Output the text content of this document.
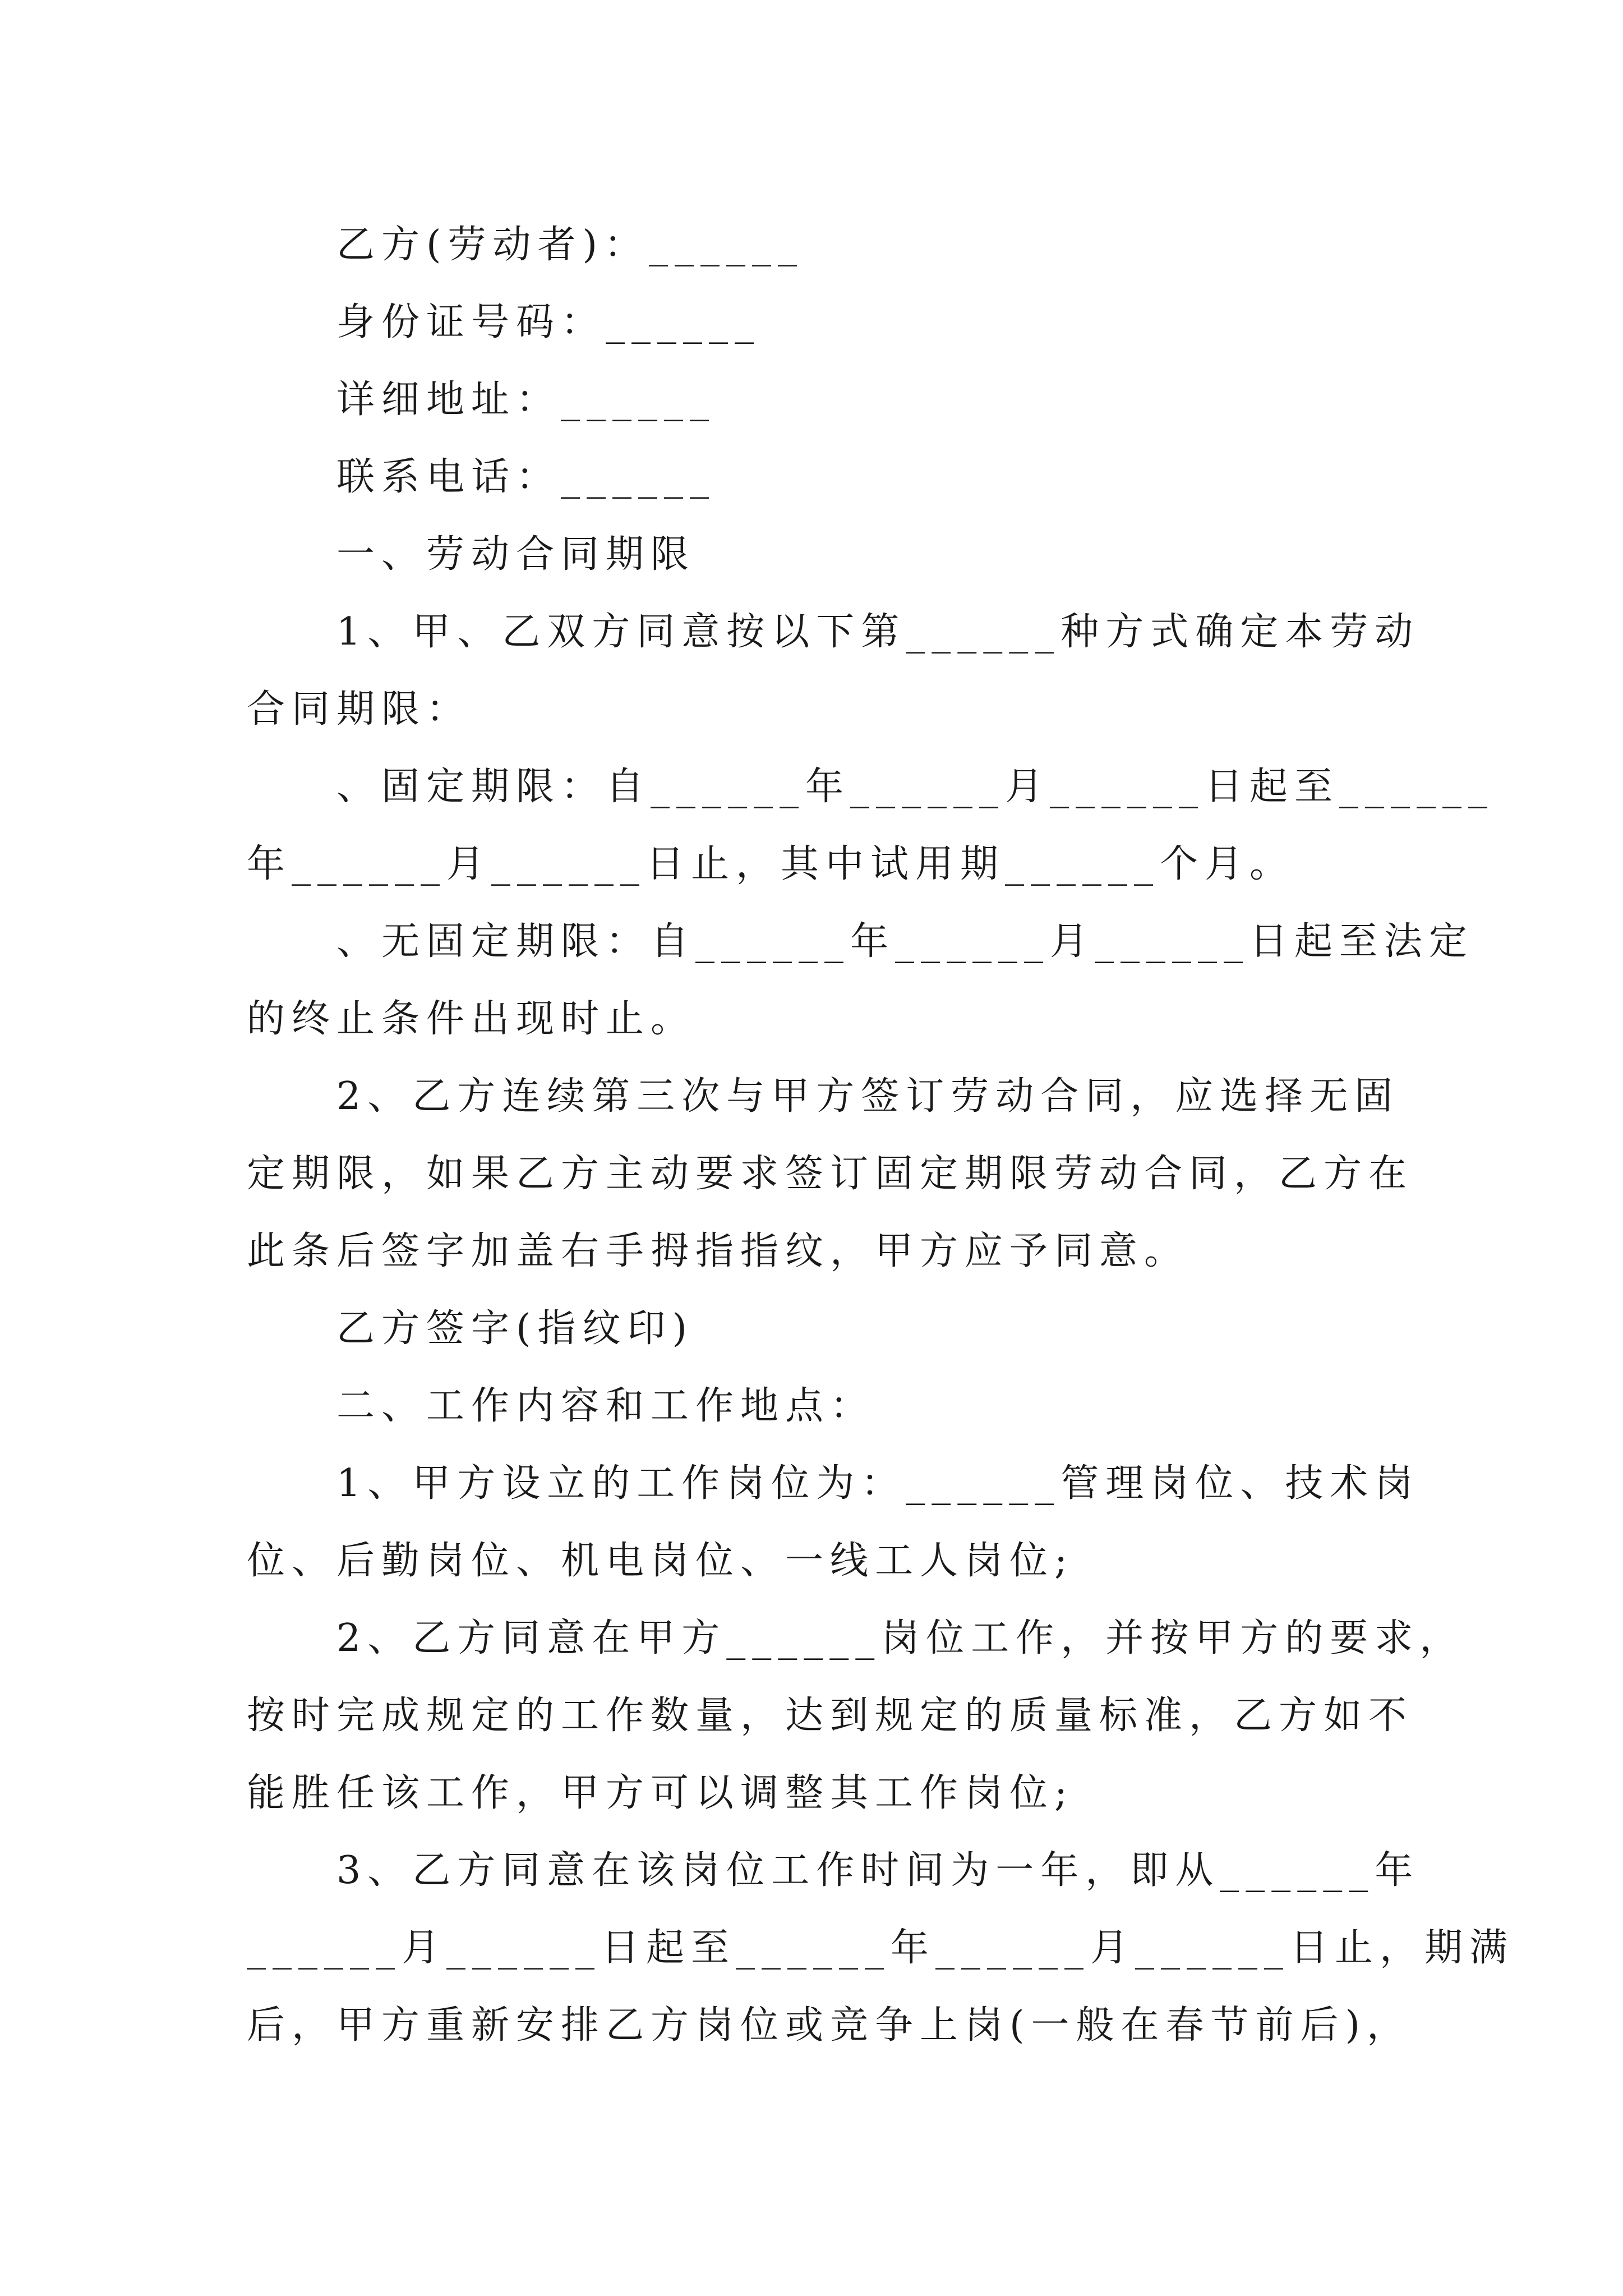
乙方(劳动者)：______
身份证号码：______
详细地址：______
联系电话：______
一、劳动合同期限
1、甲、乙双方同意按以下第______种方式确定本劳动
合同期限：
、固定期限：自______年______月______日起至______
年______月______日止，其中试用期______个月。
、无固定期限：自______年______月______日起至法定
的终止条件出现时止。
2、乙方连续第三次与甲方签订劳动合同，应选择无固
定期限，如果乙方主动要求签订固定期限劳动合同，乙方在
此条后签字加盖右手拇指指纹，甲方应予同意。
乙方签字(指纹印)
二、工作内容和工作地点：
1、甲方设立的工作岗位为：______管理岗位、技术岗
位、后勤岗位、机电岗位、一线工人岗位;
2、乙方同意在甲方______岗位工作，并按甲方的要求，
按时完成规定的工作数量，达到规定的质量标准，乙方如不
能胜任该工作，甲方可以调整其工作岗位;
3、乙方同意在该岗位工作时间为一年，即从______年
______月______日起至______年______月______日止，期满
后，甲方重新安排乙方岗位或竞争上岗(一般在春节前后)，
